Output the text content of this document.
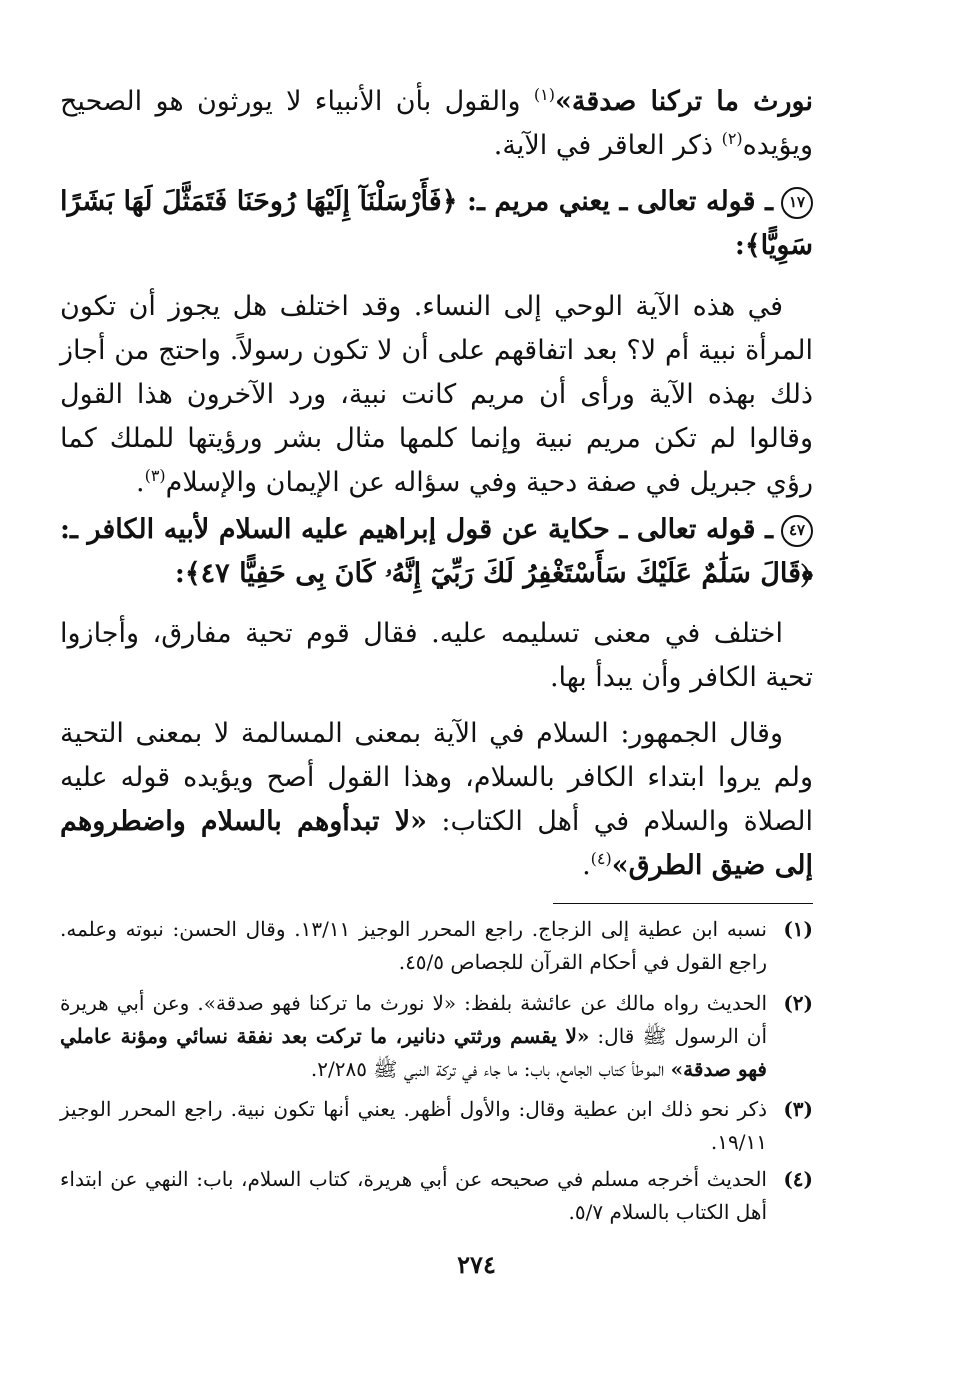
نورث ما تركنا صدقة»$^{(١)}$ والقول بأن الأنبياء لا يورثون هو الصحيح ويؤيده$^{(٢)}$ ذكر العاقر في الآية.
١٧ـ قوله تعالى ـ يعني مريم ـ: ﴿فَأَرْسَلْنَآ إِلَيْهَا رُوحَنَا فَتَمَثَّلَ لَهَا بَشَرًا سَوِيًّا﴾:
في هذه الآية الوحي إلى النساء. وقد اختلف هل يجوز أن تكون المرأة نبية أم لا؟ بعد اتفاقهم على أن لا تكون رسولاً. واحتج من أجاز ذلك بهذه الآية ورأى أن مريم كانت نبية، ورد الآخرون هذا القول وقالوا لم تكن مريم نبية وإنما كلمها مثال بشر ورؤيتها للملك كما رؤي جبريل في صفة دحية وفي سؤاله عن الإيمان والإسلام$^{(٣)}$.
٤٧ـ قوله تعالى ـ حكاية عن قول إبراهيم عليه السلام لأبيه الكافر ـ: ﴿قَالَ سَلَٰمٌ عَلَيْكَ سَأَسْتَغْفِرُ لَكَ رَبِّيٓ إِنَّهُۥ كَانَ بِى حَفِيًّا ٤٧﴾:
اختلف في معنى تسليمه عليه. فقال قوم تحية مفارق، وأجازوا تحية الكافر وأن يبدأ بها.
وقال الجمهور: السلام في الآية بمعنى المسالمة لا بمعنى التحية ولم يروا ابتداء الكافر بالسلام، وهذا القول أصح ويؤيده قوله عليه الصلاة والسلام في أهل الكتاب: «لا تبدأوهم بالسلام واضطروهم إلى ضيق الطرق»$^{(٤)}$.
(١)
نسبه ابن عطية إلى الزجاج. راجع المحرر الوجيز ١٣/١١. وقال الحسن: نبوته وعلمه. راجع القول في أحكام القرآن للجصاص ٤٥/٥.
(٢)
الحديث رواه مالك عن عائشة بلفظ: «لا نورث ما تركنا فهو صدقة». وعن أبي هريرة أن الرسول ﷺ قال: «لا يقسم ورثتي دنانير، ما تركت بعد نفقة نسائي ومؤنة عاملي فهو صدقة» الموطأ كتاب الجامع، باب: ما جاء في تركة النبي ﷺ ٢/٢٨٥.
(٣)
ذكر نحو ذلك ابن عطية وقال: والأول أظهر. يعني أنها تكون نبية. راجع المحرر الوجيز ١٩/١١.
(٤)
الحديث أخرجه مسلم في صحيحه عن أبي هريرة، كتاب السلام، باب: النهي عن ابتداء أهل الكتاب بالسلام ٥/٧.
٢٧٤
